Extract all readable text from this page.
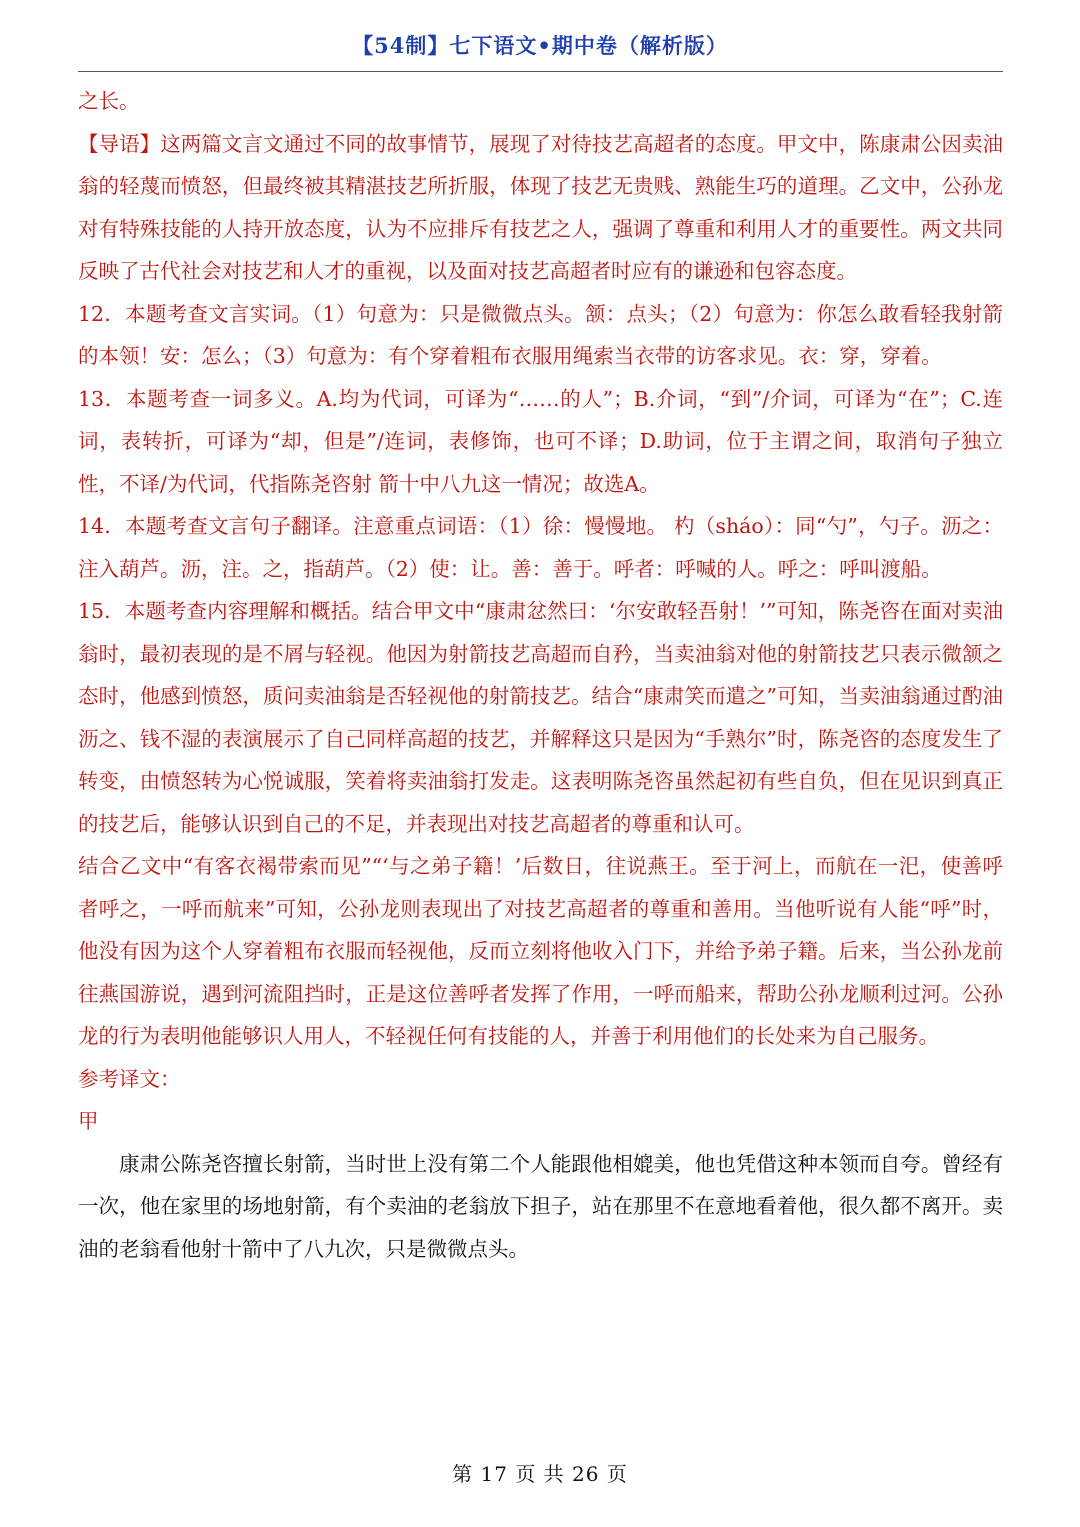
【54制】七下语文•期中卷（解析版）

之长。

【导语】这两篇文言文通过不同的故事情节，展现了对待技艺高超者的态度。甲文中，陈康肃公因卖油翁的轻蔑而愤怒，但最终被其精湛技艺所折服，体现了技艺无贵贱、熟能生巧的道理。乙文中，公孙龙对有特殊技能的人持开放态度，认为不应排斥有技艺之人，强调了尊重和利用人才的重要性。两文共同反映了古代社会对技艺和人才的重视，以及面对技艺高超者时应有的谦逊和包容态度。

12．本题考查文言实词。（1）句意为：只是微微点头。颔：点头；（2）句意为：你怎么敢看轻我射箭的本领！安：怎么；（3）句意为：有个穿着粗布衣服用绳索当衣带的访客求见。衣：穿，穿着。

13．本题考查一词多义。A.均为代词，可译为“……的人”；B.介词，“到”/介词，可译为“在”；C.连词，表转折，可译为“却，但是”/连词，表修饰，也可不译；D.助词，位于主谓之间，取消句子独立性，不译/为代词，代指陈尧咨射 箭十中八九这一情况；故选A。

14．本题考查文言句子翻译。注意重点词语：（1）徐：慢慢地。 杓（sháo）：同“勺”，勺子。沥之：注入葫芦。沥，注。之，指葫芦。（2）使：让。善：善于。呼者：呼喊的人。呼之：呼叫渡船。

15．本题考查内容理解和概括。结合甲文中“康肃忿然曰：‘尔安敢轻吾射！’”可知，陈尧咨在面对卖油翁时，最初表现的是不屑与轻视。他因为射箭技艺高超而自矜，当卖油翁对他的射箭技艺只表示微颔之态时，他感到愤怒，质问卖油翁是否轻视他的射箭技艺。结合“康肃笑而遣之”可知，当卖油翁通过酌油沥之、钱不湿的表演展示了自己同样高超的技艺，并解释这只是因为“手熟尔”时，陈尧咨的态度发生了转变，由愤怒转为心悦诚服，笑着将卖油翁打发走。这表明陈尧咨虽然起初有些自负，但在见识到真正的技艺后，能够认识到自己的不足，并表现出对技艺高超者的尊重和认可。

结合乙文中“有客衣褐带索而见”“‘与之弟子籍！’后数日，往说燕王。至于河上，而航在一汜，使善呼者呼之，一呼而航来”可知，公孙龙则表现出了对技艺高超者的尊重和善用。当他听说有人能“呼”时，他没有因为这个人穿着粗布衣服而轻视他，反而立刻将他收入门下，并给予弟子籍。后来，当公孙龙前往燕国游说，遇到河流阻挡时，正是这位善呼者发挥了作用，一呼而船来，帮助公孙龙顺利过河。公孙龙的行为表明他能够识人用人，不轻视任何有技能的人，并善于利用他们的长处来为自己服务。

参考译文：

甲

康肃公陈尧咨擅长射箭，当时世上没有第二个人能跟他相媲美，他也凭借这种本领而自夸。曾经有一次，他在家里的场地射箭，有个卖油的老翁放下担子，站在那里不在意地看着他，很久都不离开。卖油的老翁看他射十箭中了八九次，只是微微点头。

第 17 页 共 26 页
